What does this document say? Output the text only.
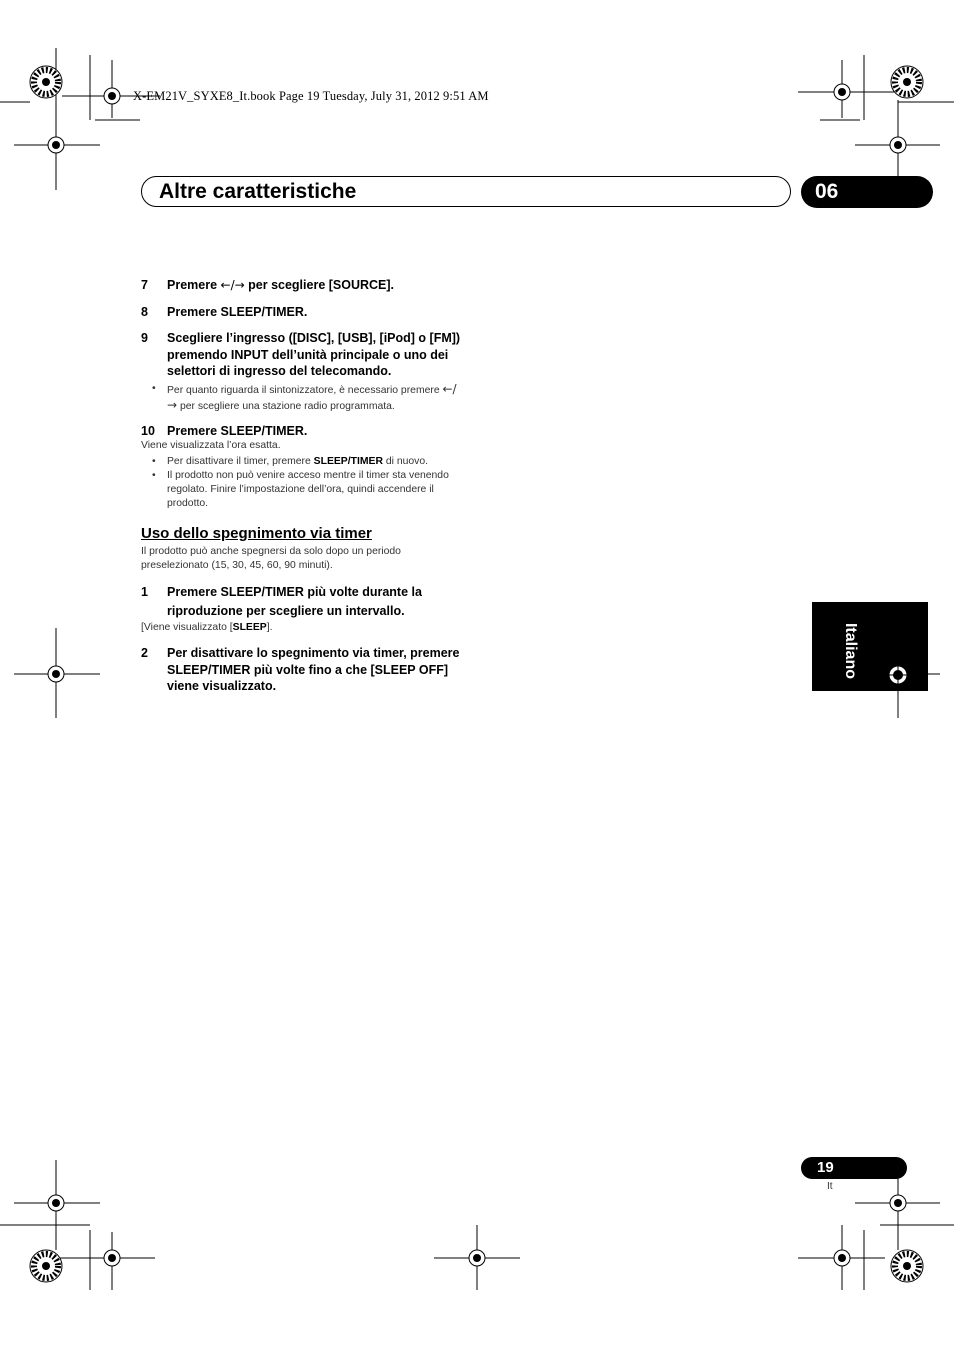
X-EM21V_SYXE8_It.book Page 19 Tuesday, July 31, 2012 9:51 AM
Altre caratteristiche	06

7 Premere ←/→ per scegliere [SOURCE].

8 Premere SLEEP/TIMER.

9 Scegliere l’ingresso ([DISC], [USB], [iPod] o [FM]) premendo INPUT dell’unità principale o uno dei selettori di ingresso del telecomando.

• Per quanto riguarda il sintonizzatore, è necessario premere ←/→ per scegliere una stazione radio programmata.

10 Premere SLEEP/TIMER.

Viene visualizzata l’ora esatta.

• Per disattivare il timer, premere SLEEP/TIMER di nuovo.
• Il prodotto non può venire acceso mentre il timer sta venendo regolato. Finire l’impostazione dell’ora, quindi accendere il prodotto.
Uso dello spegnimento via timer

Il prodotto può anche spegnersi da solo dopo un periodo preselezionato (15, 30, 45, 60, 90 minuti).

1 Premere SLEEP/TIMER più volte durante la riproduzione per scegliere un intervallo.

[Viene visualizzato [SLEEP].

2 Per disattivare lo spegnimento via timer, premere SLEEP/TIMER più volte fino a che [SLEEP OFF] viene visualizzato.

Italiano
19
It
